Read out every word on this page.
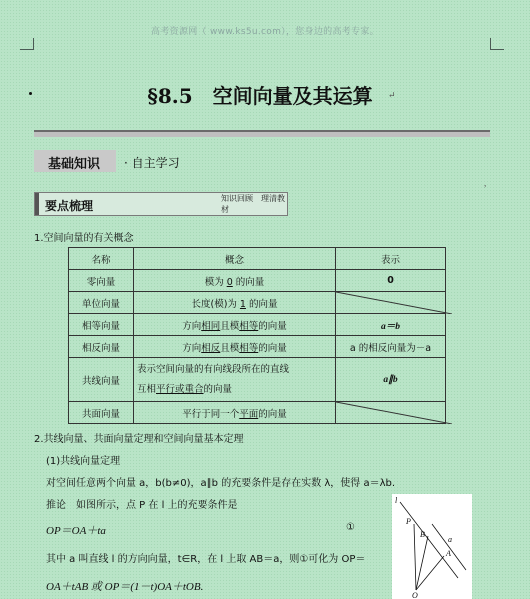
高考资源网（ www.ks5u.com），您身边的高考专家。
§8.5　空间向量及其运算	↵
基础知识 · 自主学习
,
要点梳理
知识回顾　理清教材
1.空间向量的有关概念
名称	概念	表示
零向量	模为 0 的向量	0
单位向量	长度(模)为 1 的向量	

相等向量	方向相同且模相等的向量	a＝b
相反向量	方向相反且模相等的向量	a 的相反向量为－a
共线向量	表示空间向量的有向线段所在的直线
互相平行或重合的向量	a∥b
共面向量	平行于同一个平面的向量	
2.共线向量、共面向量定理和空间向量基本定理
(1)共线向量定理
对空间任意两个向量 a，b(b≠0)，a∥b 的充要条件是存在实数 λ，使得 a＝λb.
推论　如图所示，点 P 在 l 上的充要条件是
OP＝OA＋ta	①
其中 a 叫直线 l 的方向向量，t∈R，在 l 上取 AB＝a，则①可化为 OP＝
OA＋tAB 或 OP＝(1－t)OA＋tOB.
l
P
B
a
A
O
